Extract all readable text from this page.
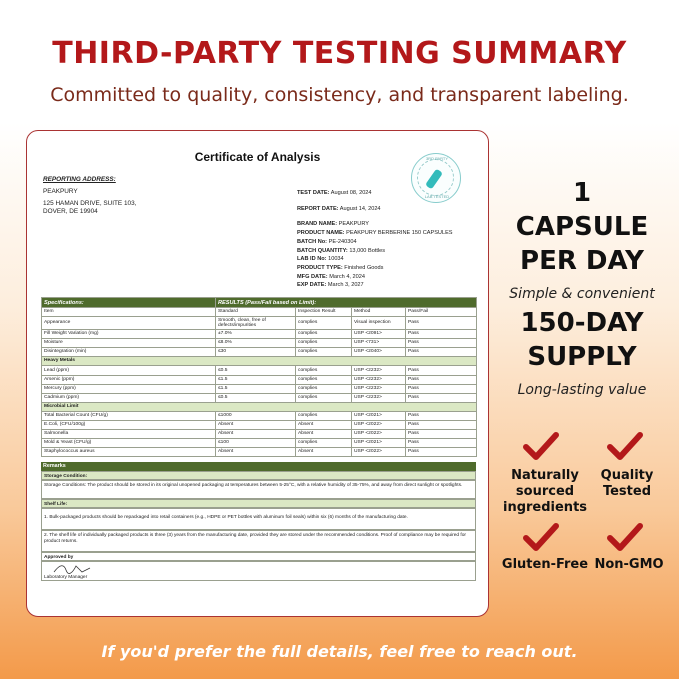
THIRD-PARTY TESTING SUMMARY
Committed to quality, consistency, and transparent labeling.
Certificate of Analysis	3RD PARTY
LAB TESTED
REPORTING ADDRESS:
PEAKPURY
125 HAMAN DRIVE, SUITE 103,
DOVER, DE 19904
TEST DATE: August 08, 2024
REPORT DATE: August 14, 2024
BRAND NAME: PEAKPURY
PRODUCT NAME: PEAKPURY BERBERINE 150 CAPSULES
BATCH No: PE-240304
BATCH QUANTITY: 13,000 Bottles
LAB ID No: 10034
PRODUCT TYPE: Finished Goods
MFG DATE: March 4, 2024
EXP DATE: March 3, 2027
Specifications:	RESULTS (Pass/Fail based on Limit):			
Item	Standard	Inspection Result	Method	Pass/Fail
Appearance	Smooth, clean, free of defects/impurities	complies	Visual inspection	Pass
Fill Weight Variation (mg)	±7.0%	complies	USP <2091>	Pass
Moisture	≤8.0%	complies	USP <731>	Pass
Disintegration (min)	≤30	complies	USP <2040>	Pass
Heavy Metals				
Lead (ppm)	≤0.5	complies	USP <2232>	Pass
Arsenic (ppm)	≤1.5	complies	USP <2232>	Pass
Mercury (ppm)	≤1.5	complies	USP <2232>	Pass
Cadmium (ppm)	≤0.5	complies	USP <2232>	Pass
Microbial Limit				
Total Bacterial Count (CFU/g)	≤1000	complies	USP <2021>	Pass
E.Coli, (CFU/100g)	Absent	Absent	USP <2022>	Pass
Salmonella	Absent	Absent	USP <2022>	Pass
Mold & Yeast (CFU/g)	≤100	complies	USP <2021>	Pass
Staphylococcus aureus	Absent	Absent	USP <2022>	Pass
Remarks
Storage Condition:
Storage Conditions: The product should be stored in its original unopened packaging at temperatures between 5-25°C, with a relative humidity of 35-75%, and away from direct sunlight or spotlights.
Shelf Life:
1. Bulk-packaged products should be repackaged into retail containers (e.g., HDPE or PET bottles with aluminum foil seals) within six (6) months of the manufacturing date.
2. The shelf life of individually packaged products is three (3) years from the manufacturing date, provided they are stored under the recommended conditions. Proof of compliance may be required for product returns.
Approved by
Laboratory Manager
1 CAPSULE PER DAY
Simple & convenient
150-DAY SUPPLY
Long-lasting value
Naturally sourced ingredients
Quality Tested
Gluten-Free Non-GMO
If you'd prefer the full details, feel free to reach out.
